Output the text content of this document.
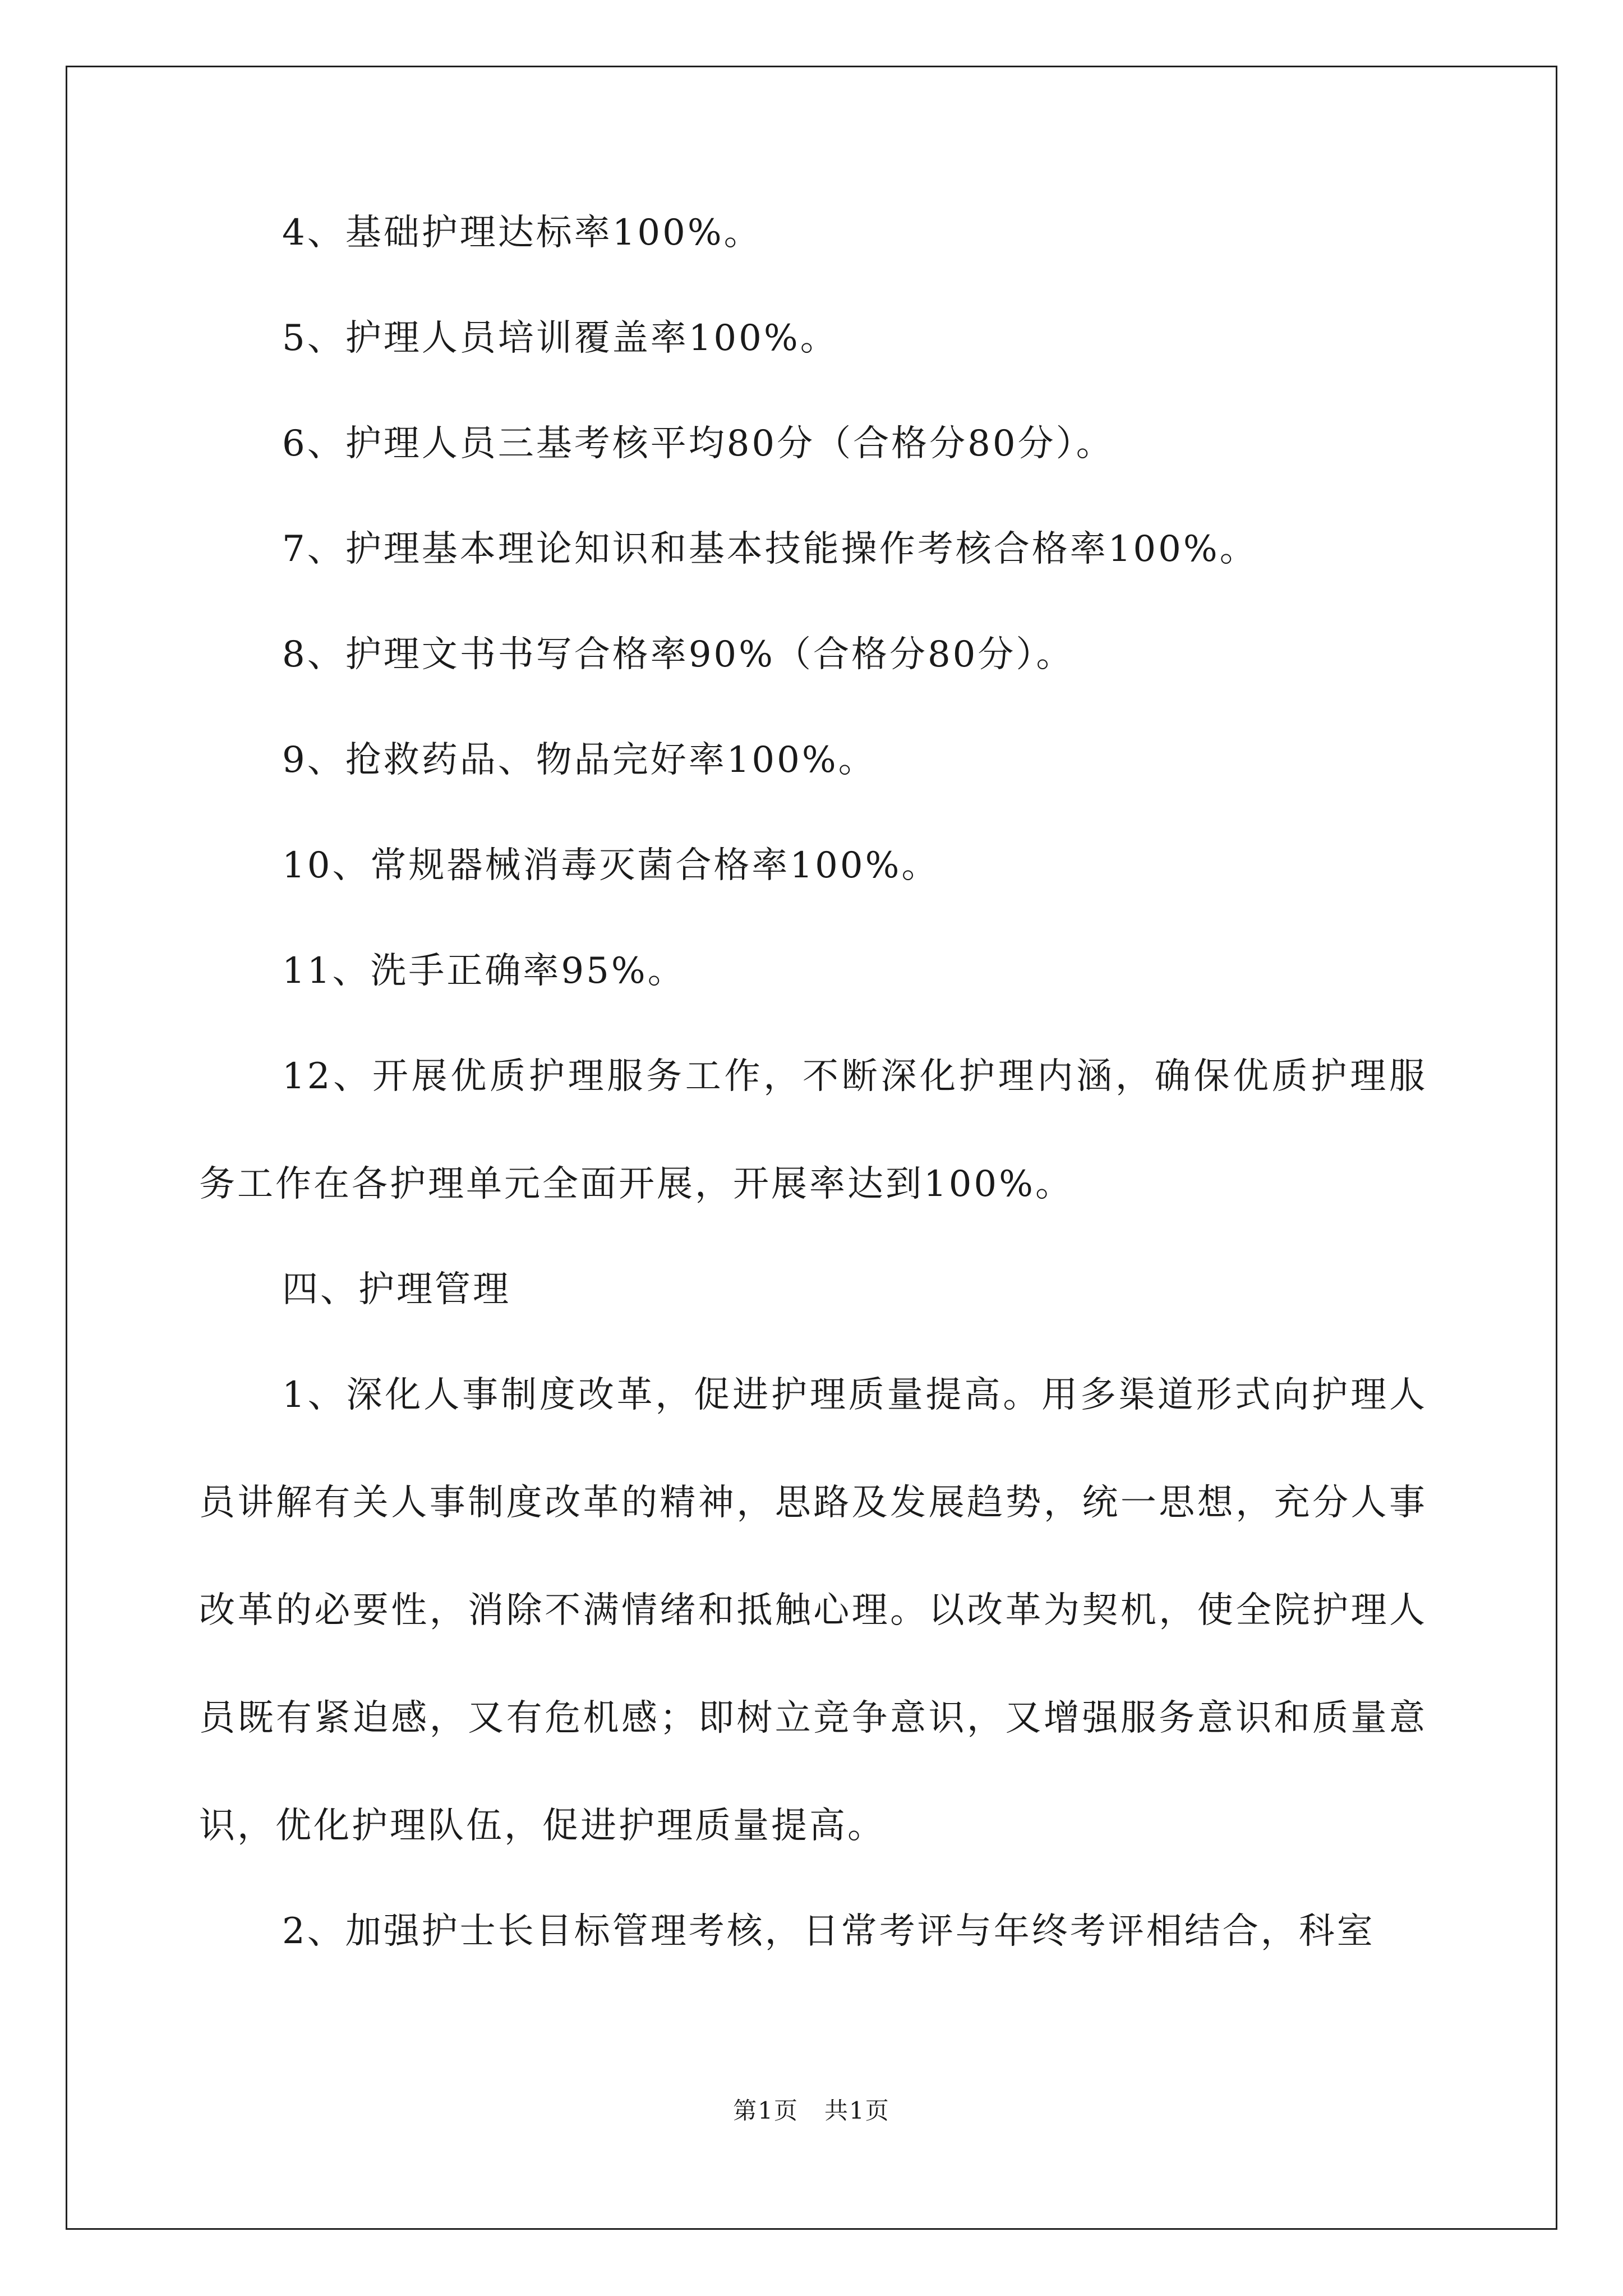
4、基础护理达标率100%。

5、护理人员培训覆盖率100%。

6、护理人员三基考核平均80分（合格分80分）。

7、护理基本理论知识和基本技能操作考核合格率100%。

8、护理文书书写合格率90%（合格分80分）。

9、抢救药品、物品完好率100%。

10、常规器械消毒灭菌合格率100%。

11、洗手正确率95%。

12、开展优质护理服务工作，不断深化护理内涵，确保优质护理服务工作在各护理单元全面开展，开展率达到100%。

四、护理管理

1、深化人事制度改革，促进护理质量提高。用多渠道形式向护理人员讲解有关人事制度改革的精神，思路及发展趋势，统一思想，充分人事改革的必要性，消除不满情绪和抵触心理。以改革为契机，使全院护理人员既有紧迫感，又有危机感；即树立竞争意识，又增强服务意识和质量意识，优化护理队伍，促进护理质量提高。

2、加强护士长目标管理考核，日常考评与年终考评相结合，科室

第1页 共1页
